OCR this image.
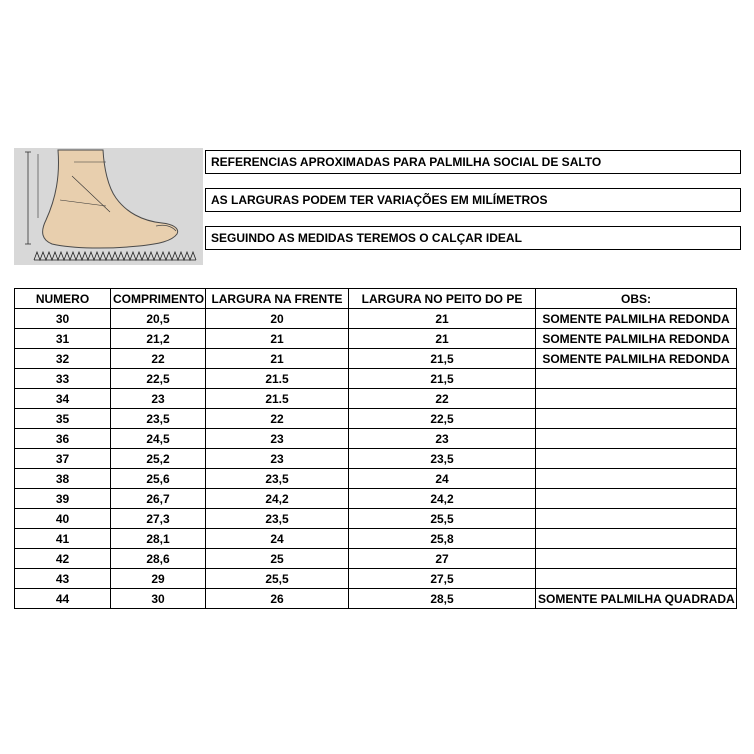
REFERENCIAS APROXIMADAS PARA PALMILHA SOCIAL DE SALTO
AS LARGURAS PODEM TER VARIAÇÕES EM MILÍMETROS
SEGUINDO AS MEDIDAS TEREMOS O CALÇAR IDEAL
NUMERO	COMPRIMENTO	LARGURA NA FRENTE	LARGURA NO PEITO DO PE	OBS:
30	20,5	20	21	SOMENTE PALMILHA REDONDA
31	21,2	21	21	SOMENTE PALMILHA REDONDA
32	22	21	21,5	SOMENTE PALMILHA REDONDA
33	22,5	21.5	21,5	
34	23	21.5	22	
35	23,5	22	22,5	
36	24,5	23	23	
37	25,2	23	23,5	
38	25,6	23,5	24	
39	26,7	24,2	24,2	
40	27,3	23,5	25,5	
41	28,1	24	25,8	
42	28,6	25	27	
43	29	25,5	27,5	
44	30	26	28,5	SOMENTE PALMILHA QUADRADA
